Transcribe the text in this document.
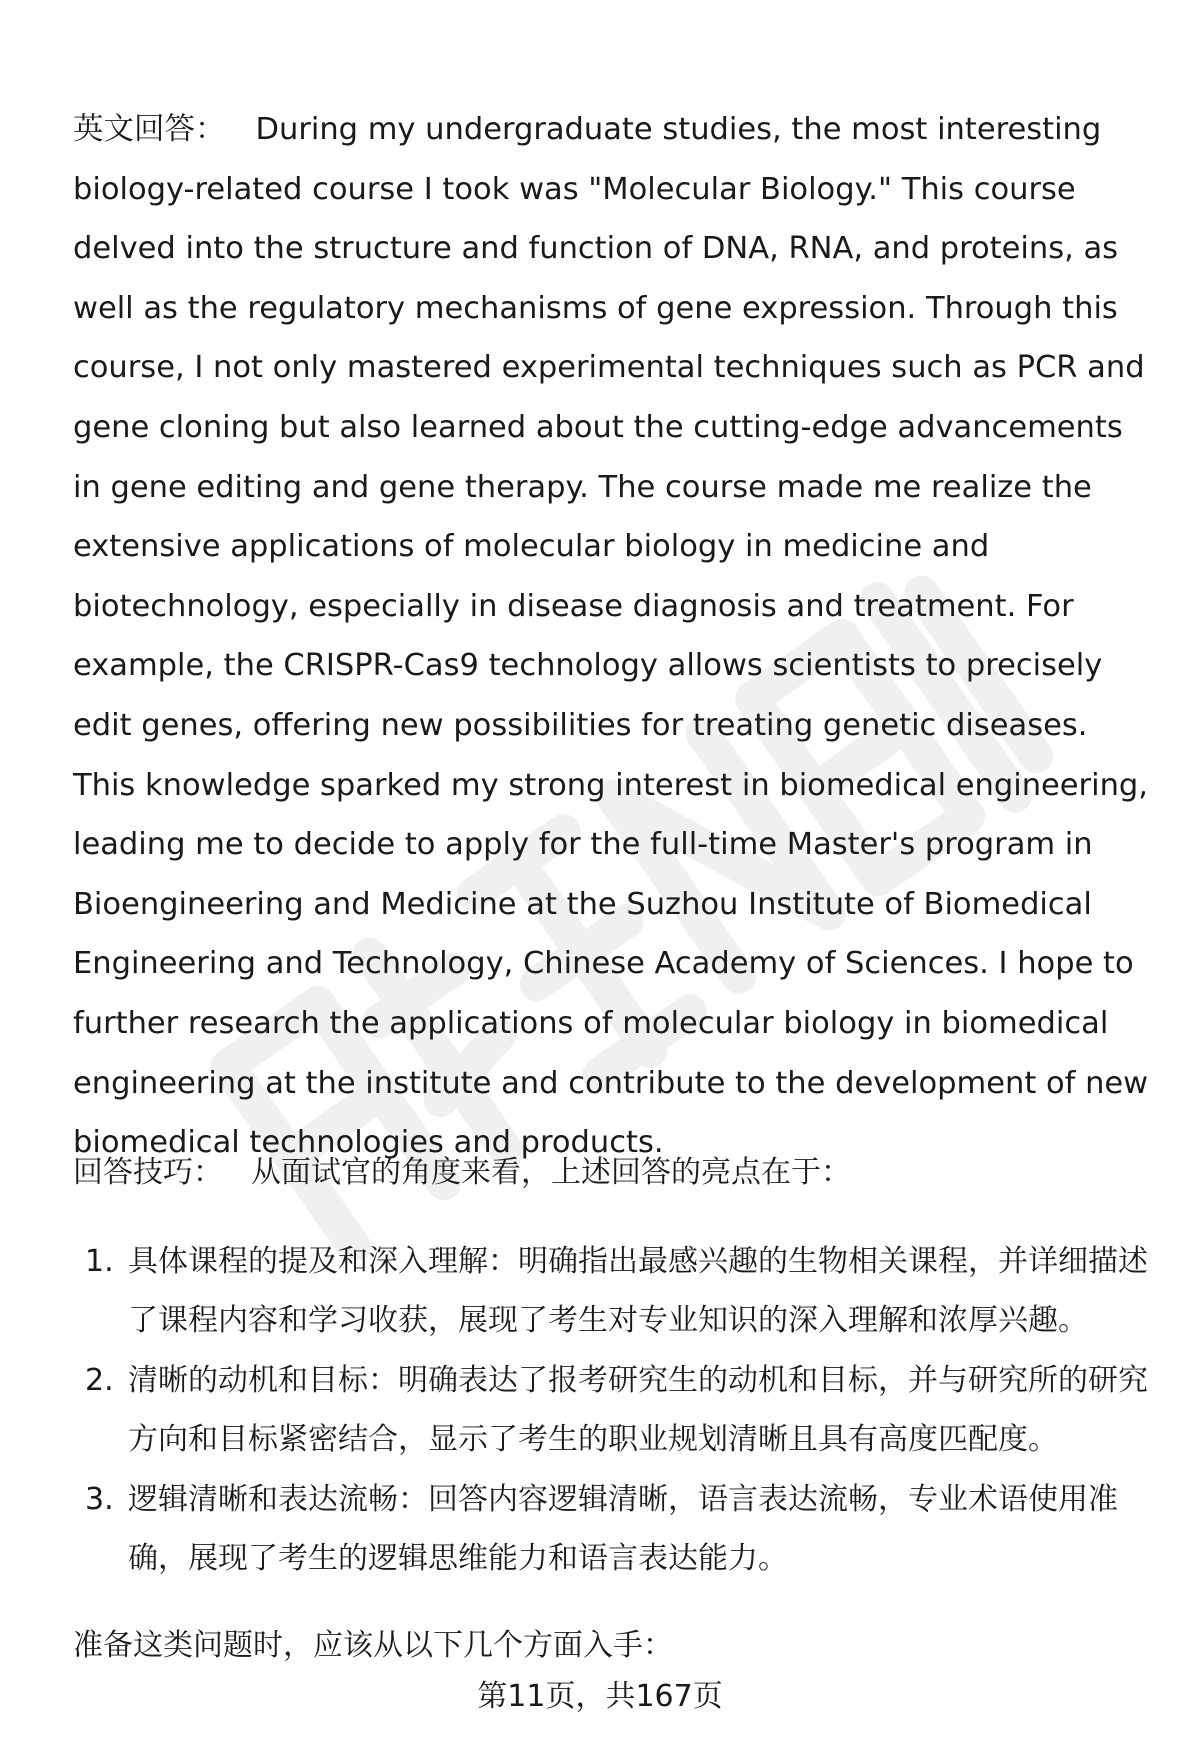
英文回答： During my undergraduate studies, the most interesting biology-related course I took was "Molecular Biology." This course delved into the structure and function of DNA, RNA, and proteins, as well as the regulatory mechanisms of gene expression. Through this course, I not only mastered experimental techniques such as PCR and gene cloning but also learned about the cutting-edge advancements in gene editing and gene therapy. The course made me realize the extensive applications of molecular biology in medicine and biotechnology, especially in disease diagnosis and treatment. For example, the CRISPR-Cas9 technology allows scientists to precisely edit genes, offering new possibilities for treating genetic diseases. This knowledge sparked my strong interest in biomedical engineering, leading me to decide to apply for the full-time Master's program in Bioengineering and Medicine at the Suzhou Institute of Biomedical Engineering and Technology, Chinese Academy of Sciences. I hope to further research the applications of molecular biology in biomedical engineering at the institute and contribute to the development of new biomedical technologies and products.

回答技巧： 从面试官的角度来看，上述回答的亮点在于：

1. 具体课程的提及和深入理解：明确指出最感兴趣的生物相关课程，并详细描述了课程内容和学习收获，展现了考生对专业知识的深入理解和浓厚兴趣。
2. 清晰的动机和目标：明确表达了报考研究生的动机和目标，并与研究所的研究方向和目标紧密结合，显示了考生的职业规划清晰且具有高度匹配度。
3. 逻辑清晰和表达流畅：回答内容逻辑清晰，语言表达流畅，专业术语使用准确，展现了考生的逻辑思维能力和语言表达能力。

准备这类问题时，应该从以下几个方面入手：

第11页，共167页
